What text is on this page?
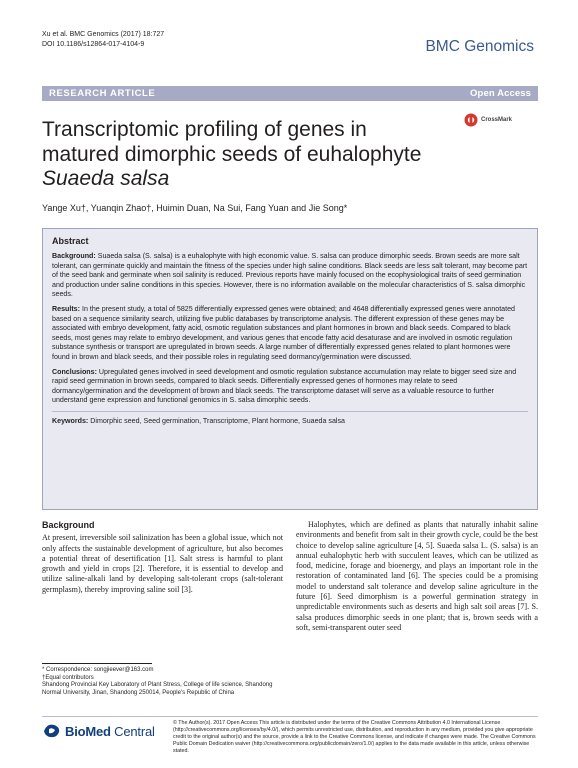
Xu et al. BMC Genomics (2017) 18:727
DOI 10.1186/s12864-017-4104-9	BMC Genomics
RESEARCH ARTICLE	Open Access
Transcriptomic profiling of genes in
matured dimorphic seeds of euhalophyte
Suaeda salsa
CrossMark
Yange Xu†, Yuanqin Zhao†, Huimin Duan, Na Sui, Fang Yuan and Jie Song*
Abstract

Background: Suaeda salsa (S. salsa) is a euhalophyte with high economic value. S. salsa can produce dimorphic seeds. Brown seeds are more salt tolerant, can germinate quickly and maintain the fitness of the species under high saline conditions. Black seeds are less salt tolerant, may become part of the seed bank and germinate when soil salinity is reduced. Previous reports have mainly focused on the ecophysiological traits of seed germination and production under saline conditions in this species. However, there is no information available on the molecular characteristics of S. salsa dimorphic seeds.

Results: In the present study, a total of 5825 differentially expressed genes were obtained; and 4648 differentially expressed genes were annotated based on a sequence similarity search, utilizing five public databases by transcriptome analysis. The different expression of these genes may be associated with embryo development, fatty acid, osmotic regulation substances and plant hormones in brown and black seeds. Compared to black seeds, most genes may relate to embryo development, and various genes that encode fatty acid desaturase and are involved in osmotic regulation substance synthesis or transport are upregulated in brown seeds. A large number of differentially expressed genes related to plant hormones were found in brown and black seeds, and their possible roles in regulating seed dormancy/germination were discussed.

Conclusions: Upregulated genes involved in seed development and osmotic regulation substance accumulation may relate to bigger seed size and rapid seed germination in brown seeds, compared to black seeds. Differentially expressed genes of hormones may relate to seed dormancy/germination and the development of brown and black seeds. The transcriptome dataset will serve as a valuable resource to further understand gene expression and functional genomics in S. salsa dimorphic seeds.

Keywords: Dimorphic seed, Seed germination, Transcriptome, Plant hormone, Suaeda salsa

Background
At present, irreversible soil salinization has been a global issue, which not only affects the sustainable development of agriculture, but also becomes a potential threat of desertification [1]. Salt stress is harmful to plant growth and yield in crops [2]. Therefore, it is essential to develop and utilize saline-alkali land by developing salt-tolerant crops (salt-tolerant germplasm), thereby improving saline soil [3].
Halophytes, which are defined as plants that naturally inhabit saline environments and benefit from salt in their growth cycle, could be the best choice to develop saline agriculture [4, 5]. Suaeda salsa L. (S. salsa) is an annual euhalophytic herb with succulent leaves, which can be utilized as food, medicine, forage and bioenergy, and plays an important role in the restoration of contaminated land [6]. The species could be a promising model to understand salt tolerance and develop saline agriculture in the future [6]. Seed dimorphism is a powerful germination strategy in unpredictable environments such as deserts and high salt soil areas [7]. S. salsa produces dimorphic seeds in one plant; that is, brown seeds with a soft, semi-transparent outer seed
* Correspondence: songjieever@163.com
†Equal contributors
Shandong Provincial Key Laboratory of Plant Stress, College of life science, Shandong Normal University, Jinan, Shandong 250014, People's Republic of China
BioMed Central
© The Author(s). 2017 Open Access This article is distributed under the terms of the Creative Commons Attribution 4.0 International License (http://creativecommons.org/licenses/by/4.0/), which permits unrestricted use, distribution, and reproduction in any medium, provided you give appropriate credit to the original author(s) and the source, provide a link to the Creative Commons license, and indicate if changes were made. The Creative Commons Public Domain Dedication waiver (http://creativecommons.org/publicdomain/zero/1.0/) applies to the data made available in this article, unless otherwise stated.
